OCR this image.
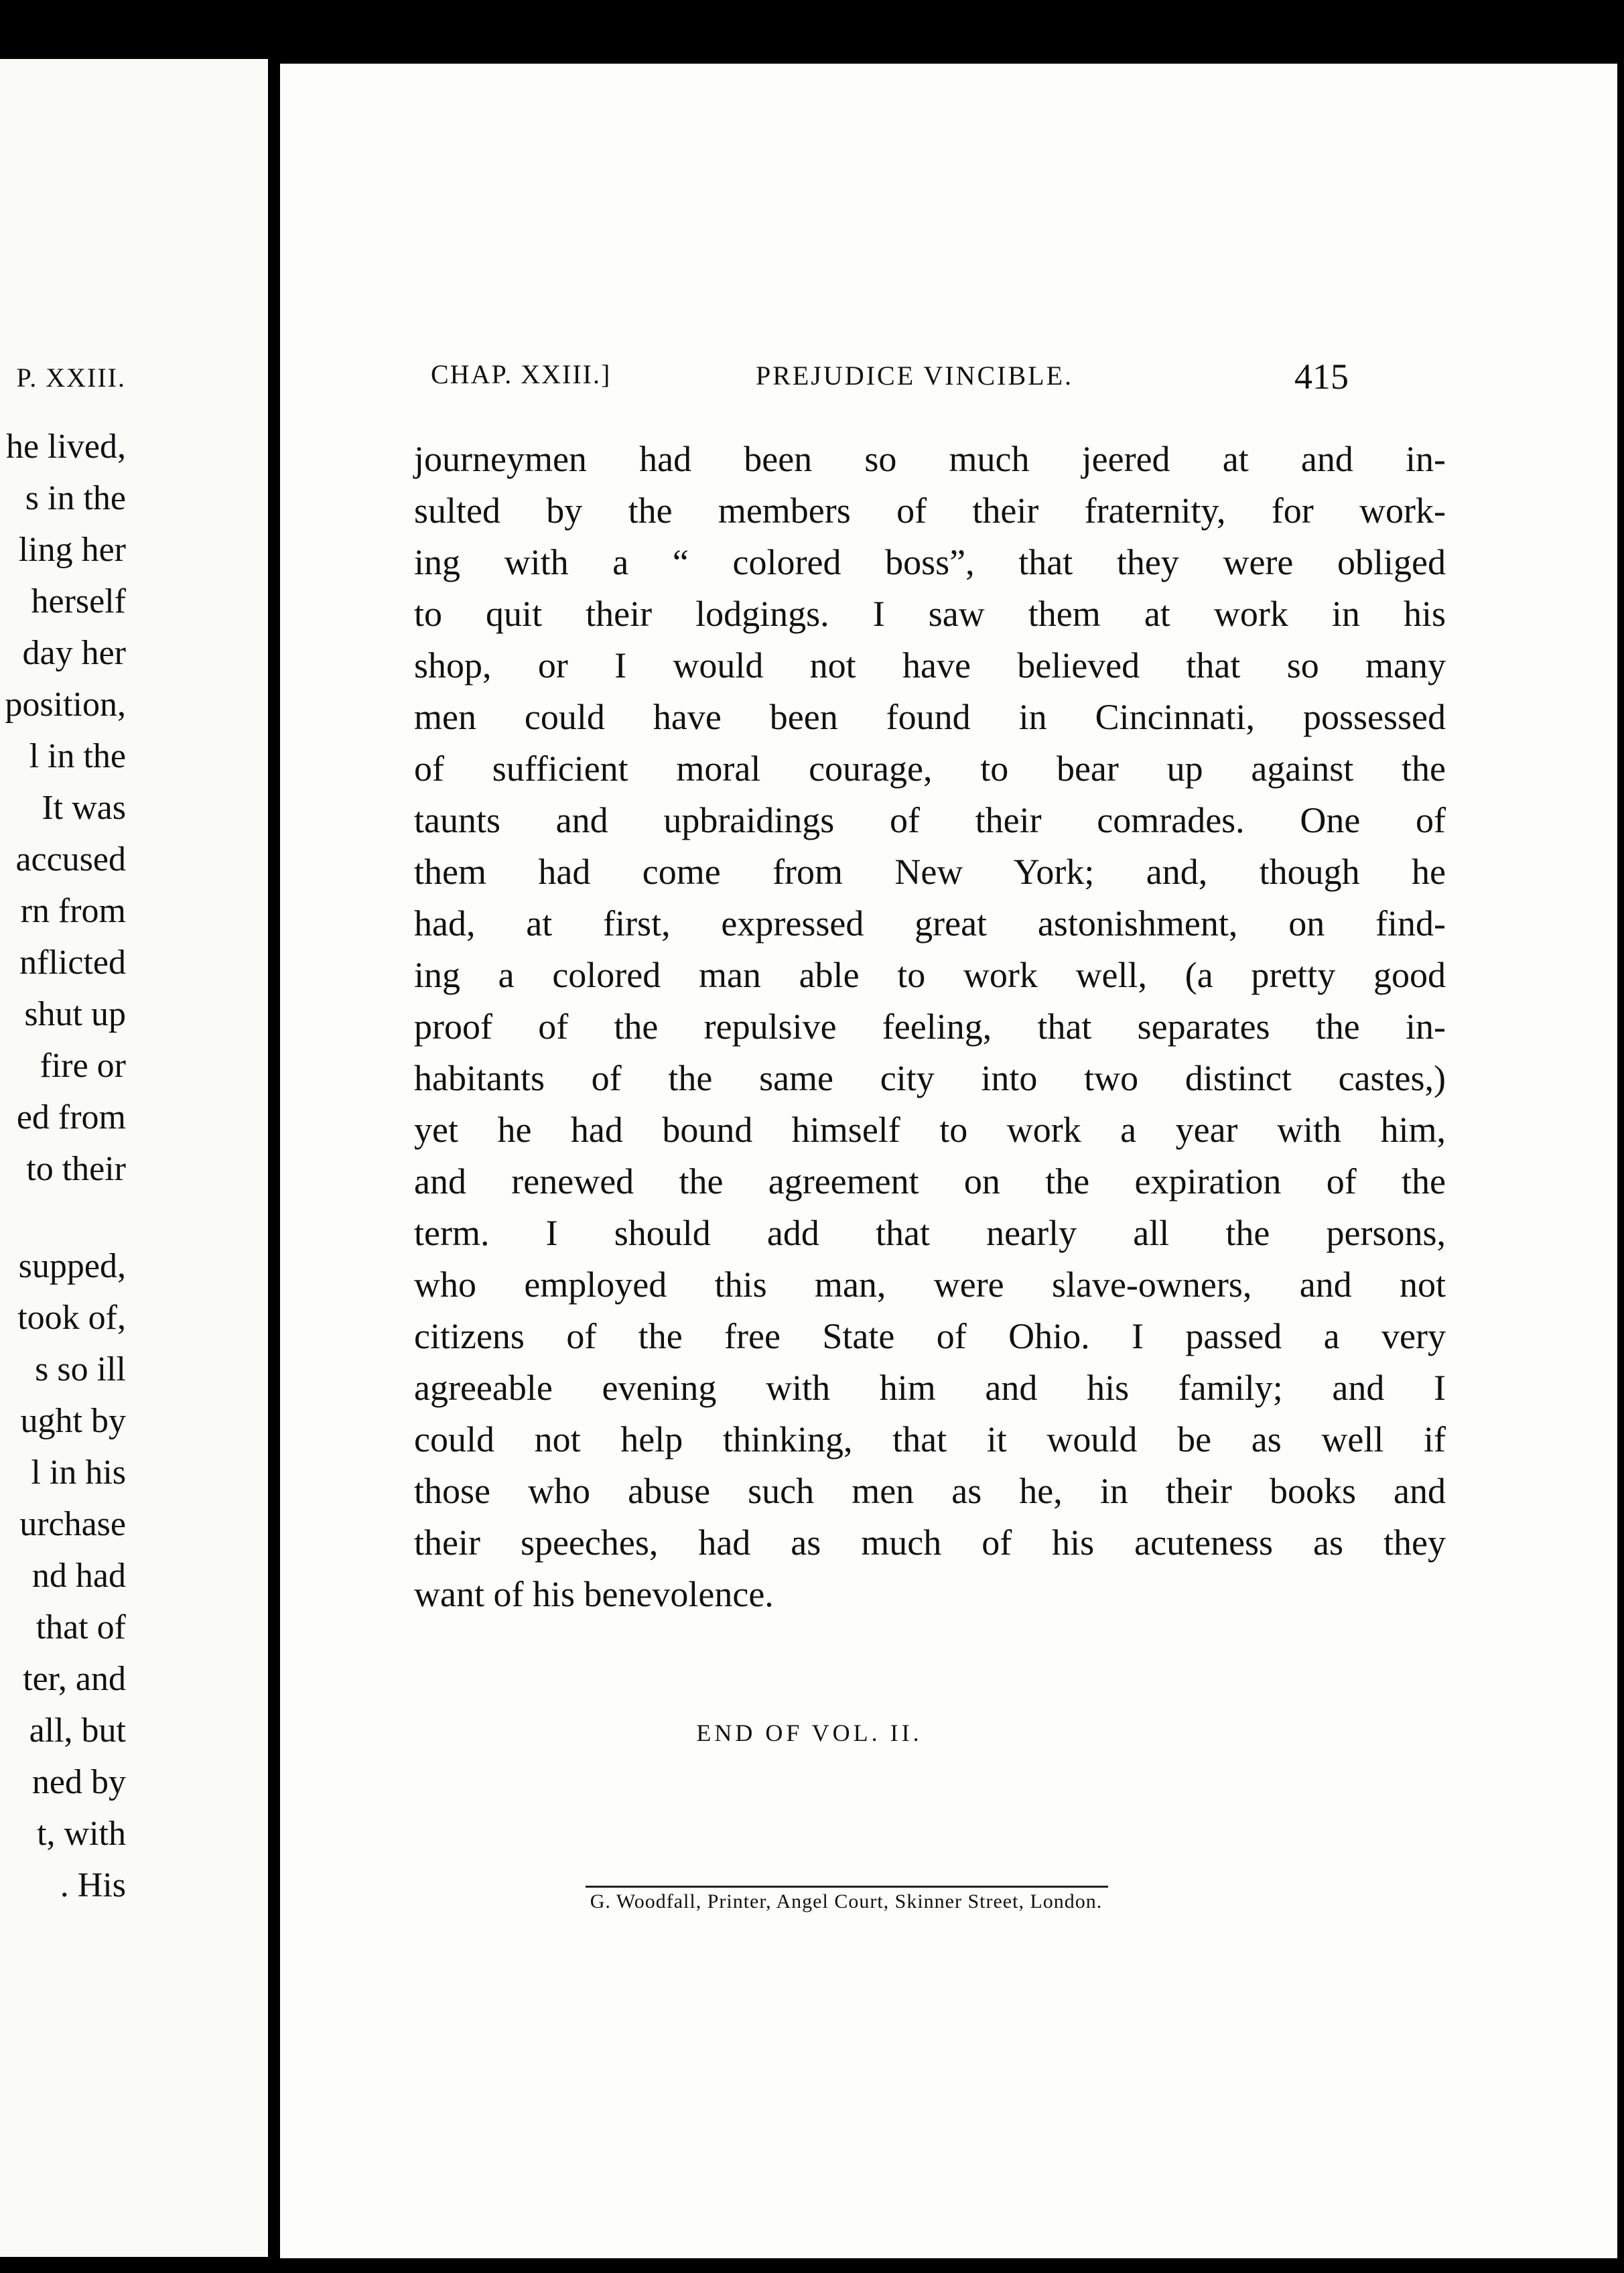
P. XXIII.
he lived,
s in the
ling her
herself
day her
position,
l in the
It was
accused
rn from
nflicted
shut up
fire or
ed from
to their
supped,
took of,
s so ill
ught by
l in his
urchase
nd had
that of
ter, and
all, but
ned by
t, with
. His
CHAP. XXIII.]	PREJUDICE VINCIBLE.	415
journeymen had been so much jeered at and in-
sulted by the members of their fraternity, for work-
ing with a “ colored boss”, that they were obliged
to quit their lodgings. I saw them at work in his
shop, or I would not have believed that so many
men could have been found in Cincinnati, possessed
of sufficient moral courage, to bear up against the
taunts and upbraidings of their comrades. One of
them had come from New York; and, though he
had, at first, expressed great astonishment, on find-
ing a colored man able to work well, (a pretty good
proof of the repulsive feeling, that separates the in-
habitants of the same city into two distinct castes,)
yet he had bound himself to work a year with him,
and renewed the agreement on the expiration of the
term. I should add that nearly all the persons,
who employed this man, were slave-owners, and not
citizens of the free State of Ohio. I passed a very
agreeable evening with him and his family; and I
could not help thinking, that it would be as well if
those who abuse such men as he, in their books and
their speeches, had as much of his acuteness as they
want of his benevolence.
END OF VOL. II.
G. Woodfall, Printer, Angel Court, Skinner Street, London.
